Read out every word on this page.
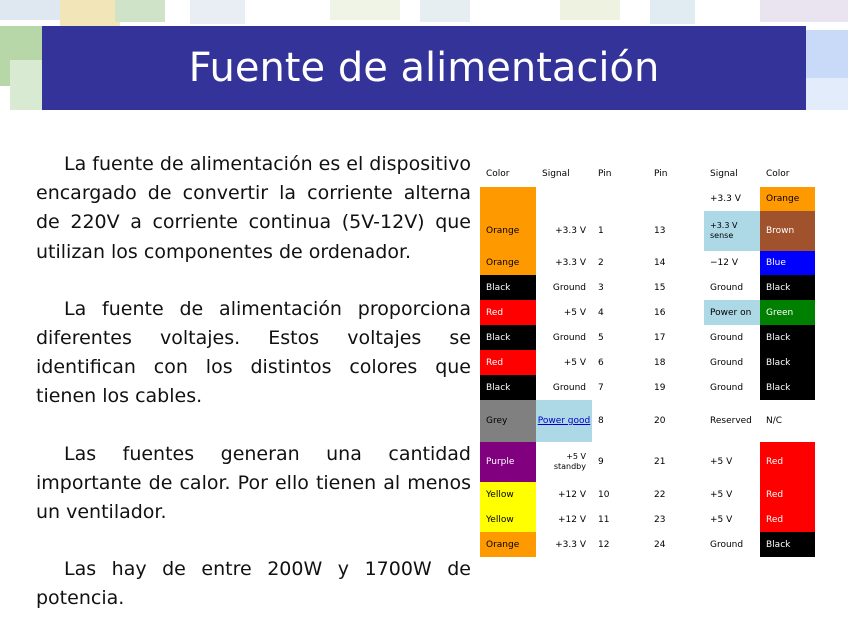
Fuente de alimentación

La fuente de alimentación es el dispositivo encargado de convertir la corriente alterna de 220V a corriente continua (5V-12V) que utilizan los componentes de ordenador.

La fuente de alimentación proporciona diferentes voltajes. Estos voltajes se identifican con los distintos colores que tienen los cables.

Las fuentes generan una cantidad importante de calor. Por ello tienen al menos un ventilador.

Las hay de entre 200W y 1700W de potencia.

Color	Signal	Pin	Pin	Signal	Color
				+3.3 V	Orange
Orange	+3.3 V	1	13	+3.3 V sense	Brown
Orange	+3.3 V	2	14	−12 V	Blue
Black	Ground	3	15	Ground	Black
Red	+5 V	4	16	Power on	Green
Black	Ground	5	17	Ground	Black
Red	+5 V	6	18	Ground	Black
Black	Ground	7	19	Ground	Black
Grey	Power good	8	20	Reserved	N/C
Purple	+5 V standby	9	21	+5 V	Red
Yellow	+12 V	10	22	+5 V	Red
Yellow	+12 V	11	23	+5 V	Red
Orange	+3.3 V	12	24	Ground	Black
